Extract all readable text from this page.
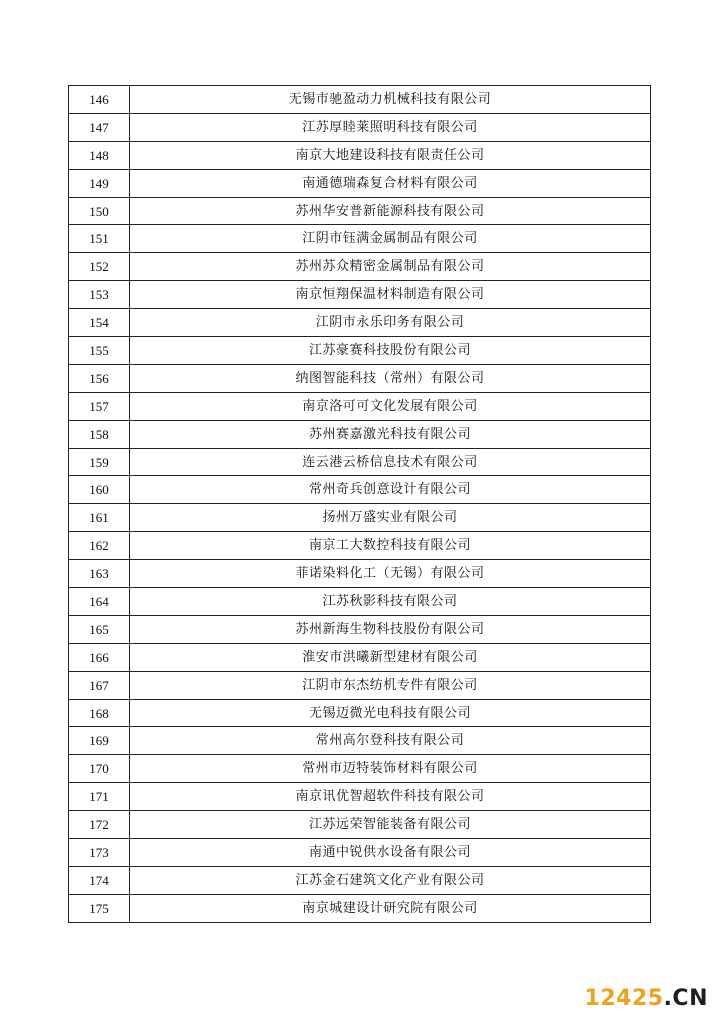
146	无锡市驰盈动力机械科技有限公司
147	江苏厚睦莱照明科技有限公司
148	南京大地建设科技有限责任公司
149	南通德瑞森复合材料有限公司
150	苏州华安普新能源科技有限公司
151	江阴市钰满金属制品有限公司
152	苏州苏众精密金属制品有限公司
153	南京恒翔保温材料制造有限公司
154	江阴市永乐印务有限公司
155	江苏豪赛科技股份有限公司
156	纳图智能科技（常州）有限公司
157	南京洛可可文化发展有限公司
158	苏州赛嘉激光科技有限公司
159	连云港云桥信息技术有限公司
160	常州奇兵创意设计有限公司
161	扬州万盛实业有限公司
162	南京工大数控科技有限公司
163	菲诺染料化工（无锡）有限公司
164	江苏秋影科技有限公司
165	苏州新海生物科技股份有限公司
166	淮安市洪曦新型建材有限公司
167	江阴市东杰纺机专件有限公司
168	无锡迈微光电科技有限公司
169	常州高尔登科技有限公司
170	常州市迈特装饰材料有限公司
171	南京讯优智超软件科技有限公司
172	江苏远荣智能装备有限公司
173	南通中锐供水设备有限公司
174	江苏金石建筑文化产业有限公司
175	南京城建设计研究院有限公司
12425.CN
